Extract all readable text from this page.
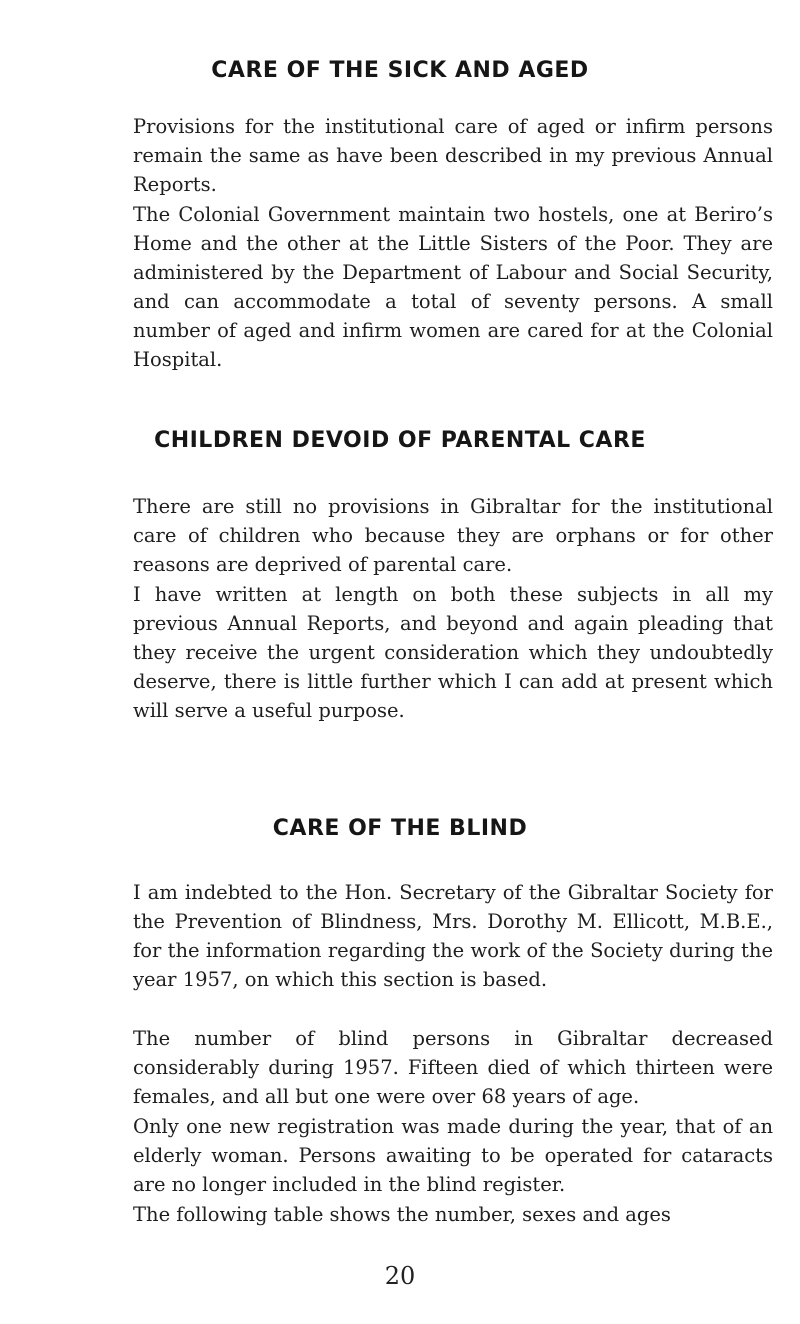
CARE OF THE SICK AND AGED

Provisions for the institutional care of aged or infirm persons remain the same as have been described in my previous Annual Reports.

The Colonial Government maintain two hostels, one at Beriro’s Home and the other at the Little Sisters of the Poor. They are administered by the Department of Labour and Social Security, and can accommodate a total of seventy persons. A small number of aged and infirm women are cared for at the Colonial Hospital.

CHILDREN DEVOID OF PARENTAL CARE

There are still no provisions in Gibraltar for the institutional care of children who because they are orphans or for other reasons are deprived of parental care.

I have written at length on both these subjects in all my previous Annual Reports, and beyond and again pleading that they receive the urgent consideration which they undoubtedly deserve, there is little further which I can add at present which will serve a useful purpose.

CARE OF THE BLIND

I am indebted to the Hon. Secretary of the Gibraltar Society for the Prevention of Blindness, Mrs. Dorothy M. Ellicott, M.B.E., for the information regarding the work of the Society during the year 1957, on which this section is based.

The number of blind persons in Gibraltar decreased considerably during 1957. Fifteen died of which thirteen were females, and all but one were over 68 years of age.

Only one new registration was made during the year, that of an elderly woman. Persons awaiting to be operated for cataracts are no longer included in the blind register.

The following table shows the number, sexes and ages

20
